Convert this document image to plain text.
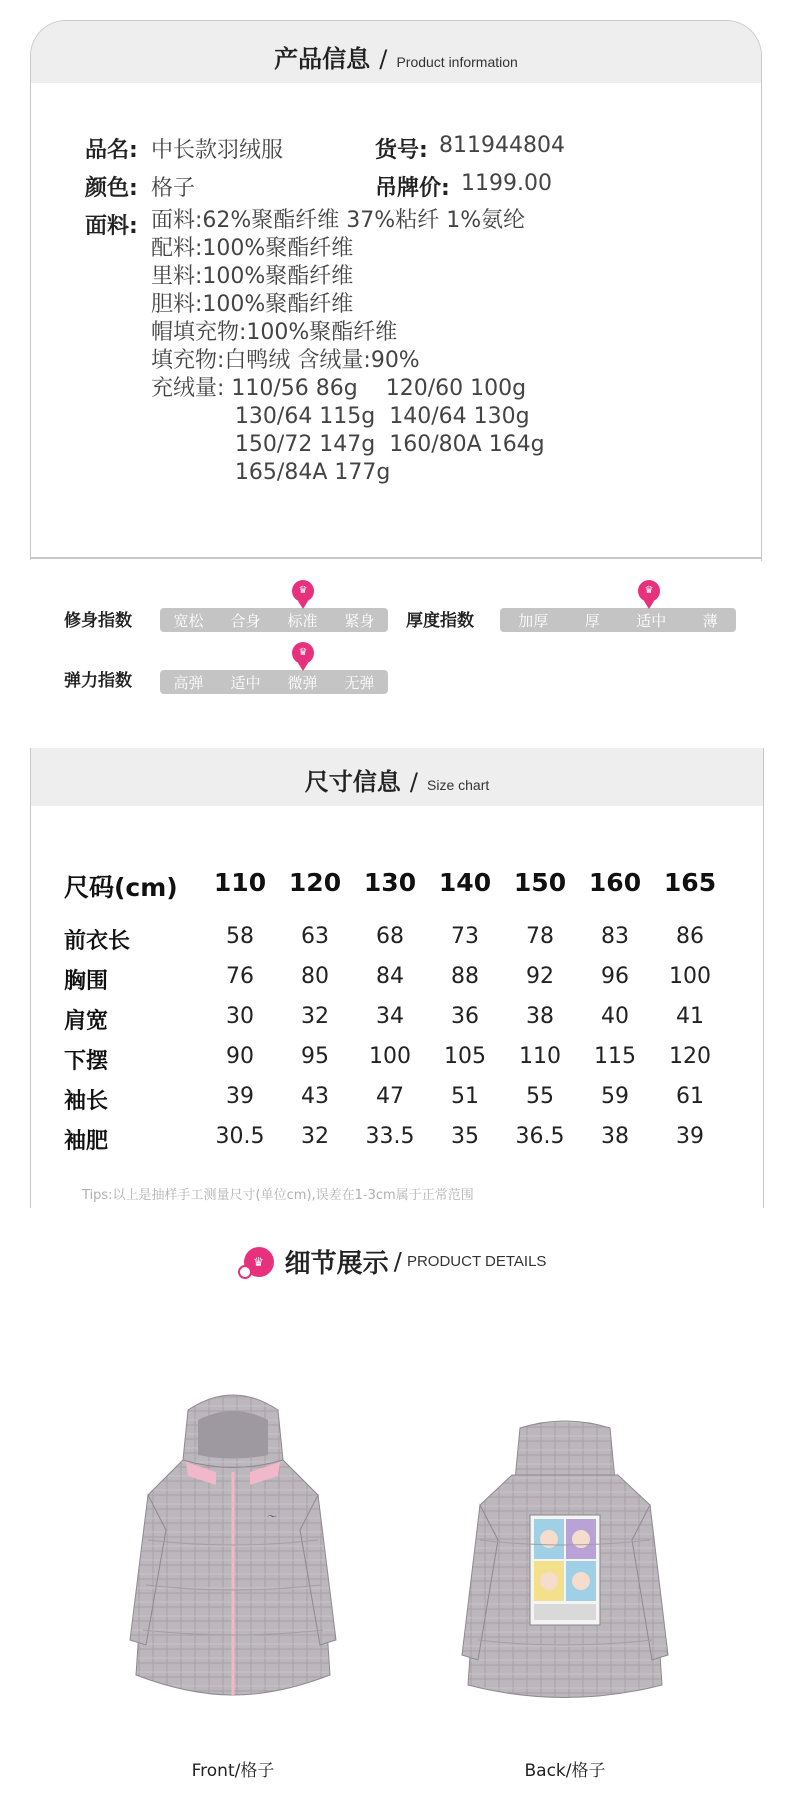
产品信息 / Product information
品名: 中长款羽绒服	货号: 811944804
颜色: 格子	吊牌价: 1199.00
面料: 面料:62%聚酯纤维 37%粘纤 1%氨纶
配料:100%聚酯纤维
里料:100%聚酯纤维
胆料:100%聚酯纤维
帽填充物:100%聚酯纤维
填充物:白鸭绒 含绒量:90%
充绒量: 110/56 86g    120/60 100g
130/64 115g  140/64 130g
150/72 147g  160/80A 164g
165/84A 177g
修身指数	宽松 合身 标准 紧身
♛
厚度指数	加厚 厚 适中 薄
♛
弹力指数	高弹 适中 微弹 无弹
♛
尺寸信息 / Size chart
尺码(cm)	110 120 130 140 150 160 165
前衣长	58	63	68	73	78	83	86
胸围	76	80	84	88	92	96	100
肩宽	30	32	34	36	38	40	41
下摆	90	95	100	105	110	115	120
袖长	39	43	47	51	55	59	61
袖肥	30.5	32	33.5	35	36.5	38	39
Tips:以上是抽样手工测量尺寸(单位cm),误差在1-3cm属于正常范围
♛ 细节展示 / PRODUCT DETAILS
〜
Front/格子	Back/格子
